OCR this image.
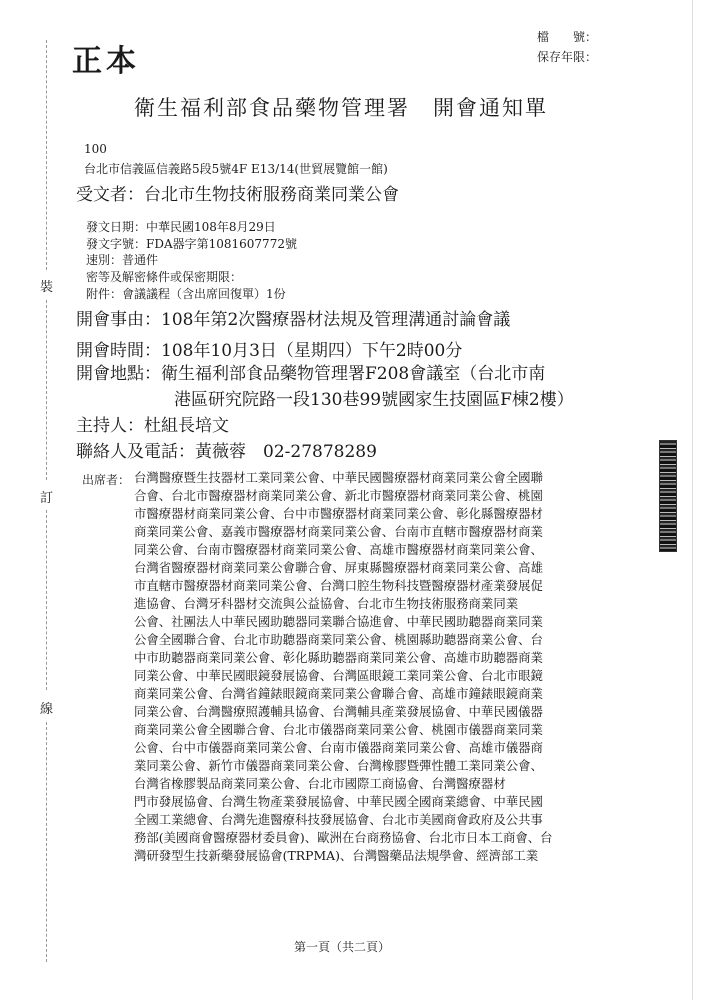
正本
檔　　號：
保存年限：
衛生福利部食品藥物管理署　開會通知單
100
台北市信義區信義路5段5號4F E13/14(世貿展覽館一館)
受文者：台北市生物技術服務商業同業公會
發文日期：中華民國108年8月29日
發文字號：FDA器字第1081607772號
速別：普通件
密等及解密條件或保密期限：
附件：會議議程（含出席回復單）1份
開會事由：108年第2次醫療器材法規及管理溝通討論會議
開會時間：108年10月3日（星期四）下午2時00分
開會地點：衛生福利部食品藥物管理署F208會議室（台北市南
港區研究院路一段130巷99號國家生技園區F棟2樓）
主持人：杜組長培文
聯絡人及電話：黃薇蓉　02-27878289
出席者： 台灣醫療暨生技器材工業同業公會、中華民國醫療器材商業同業公會全國聯
合會、台北市醫療器材商業同業公會、新北市醫療器材商業同業公會、桃園
市醫療器材商業同業公會、台中市醫療器材商業同業公會、彰化縣醫療器材
商業同業公會、嘉義市醫療器材商業同業公會、台南市直轄市醫療器材商業
同業公會、台南市醫療器材商業同業公會、高雄市醫療器材商業同業公會、
台灣省醫療器材商業同業公會聯合會、屏東縣醫療器材商業同業公會、高雄
市直轄市醫療器材商業同業公會、台灣口腔生物科技暨醫療器材產業發展促
進協會、台灣牙科器材交流與公益協會、台北市生物技術服務商業同業
公會、社團法人中華民國助聽器同業聯合協進會、中華民國助聽器商業同業
公會全國聯合會、台北市助聽器商業同業公會、桃園縣助聽器商業公會、台
中市助聽器商業同業公會、彰化縣助聽器商業同業公會、高雄市助聽器商業
同業公會、中華民國眼鏡發展協會、台灣區眼鏡工業同業公會、台北市眼鏡
商業同業公會、台灣省鐘錶眼鏡商業同業公會聯合會、高雄市鐘錶眼鏡商業
同業公會、台灣醫療照護輔具協會、台灣輔具產業發展協會、中華民國儀器
商業同業公會全國聯合會、台北市儀器商業同業公會、桃園市儀器商業同業
公會、台中市儀器商業同業公會、台南市儀器商業同業公會、高雄市儀器商
業同業公會、新竹市儀器商業同業公會、台灣橡膠暨彈性體工業同業公會、
台灣省橡膠製品商業同業公會、台北市國際工商協會、台灣醫療器材
門市發展協會、台灣生物產業發展協會、中華民國全國商業總會、中華民國
全國工業總會、台灣先進醫療科技發展協會、台北市美國商會政府及公共事
務部(美國商會醫療器材委員會)、歐洲在台商務協會、台北市日本工商會、台
灣研發型生技新藥發展協會(TRPMA)、台灣醫藥品法規學會、經濟部工業
第一頁（共二頁）
裝
訂
線
